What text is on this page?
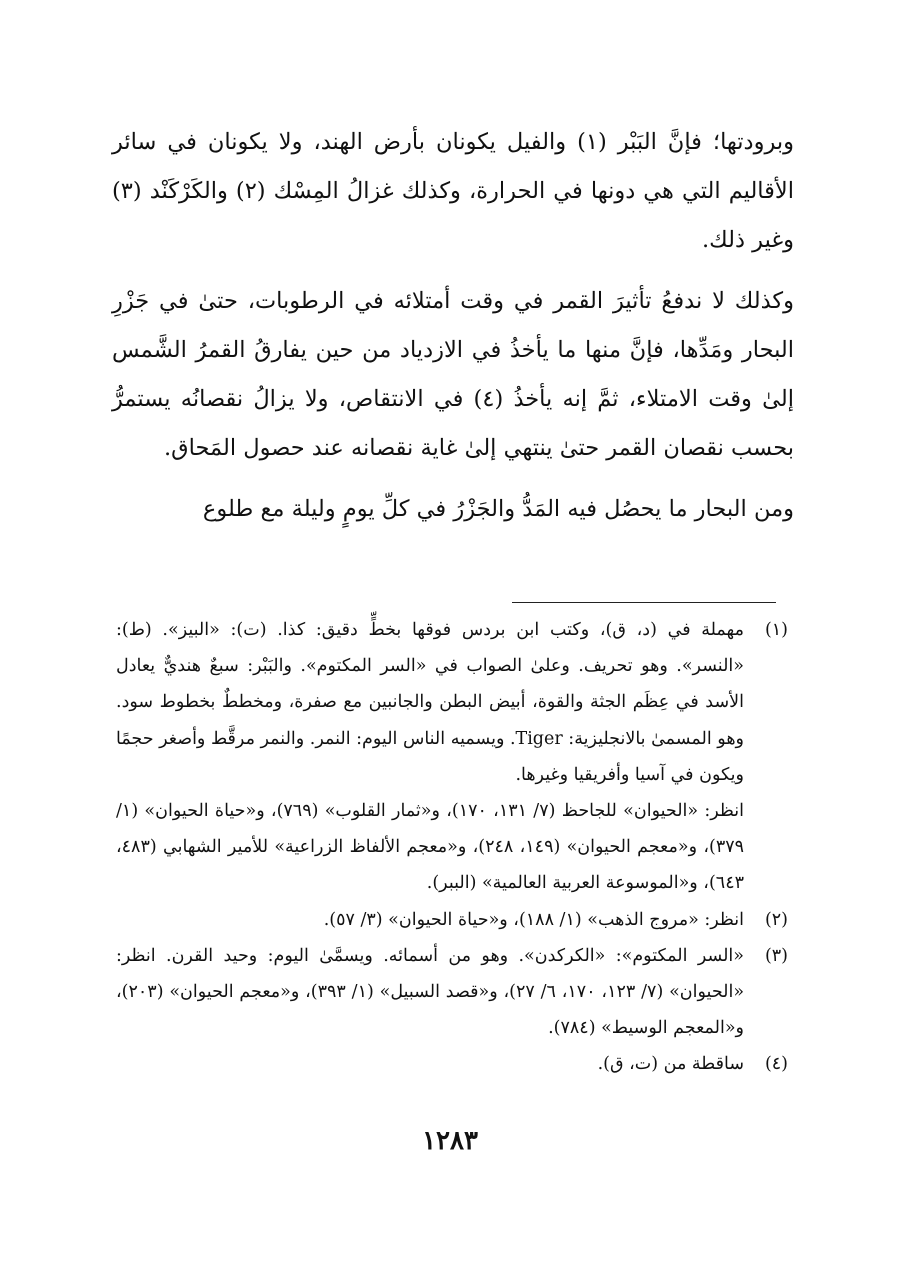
وبرودتها؛ فإنَّ البَبْر (١) والفيل يكونان بأرض الهند، ولا يكونان في سائر الأقاليم التي هي دونها في الحرارة، وكذلك غزالُ المِسْك (٢) والكَرْكَنْد (٣) وغير ذلك.

وكذلك لا ندفعُ تأثيرَ القمر في وقت أمتلائه في الرطوبات، حتىٰ في جَزْرِ البحار ومَدِّها، فإنَّ منها ما يأخذُ في الازدياد من حين يفارقُ القمرُ الشَّمس إلىٰ وقت الامتلاء، ثمَّ إنه يأخذُ (٤) في الانتقاص، ولا يزالُ نقصانُه يستمرُّ بحسب نقصان القمر حتىٰ ينتهي إلىٰ غاية نقصانه عند حصول المَحاق.

ومن البحار ما يحصُل فيه المَدُّ والجَزْرُ في كلِّ يومٍ وليلة مع طلوع

(١)
مهملة في (د، ق)، وكتب ابن بردس فوقها بخطٍّ دقيق: كذا. (ت): «البيز». (ط): «النسر». وهو تحريف. وعلىٰ الصواب في «السر المكتوم». والبَبْر: سبعٌ هنديٌّ يعادل الأسد في عِظَم الجثة والقوة، أبيض البطن والجانبين مع صفرة، ومخططٌ بخطوط سود. وهو المسمىٰ بالانجليزية: Tiger. ويسميه الناس اليوم: النمر. والنمر مرقَّط وأصغر حجمًا ويكون في آسيا وأفريقيا وغيرها.
انظر: «الحيوان» للجاحظ (٧/ ١٣١، ١٧٠)، و«ثمار القلوب» (٧٦٩)، و«حياة الحيوان» (١/ ٣٧٩)، و«معجم الحيوان» (١٤٩، ٢٤٨)، و«معجم الألفاظ الزراعية» للأمير الشهابي (٤٨٣، ٦٤٣)، و«الموسوعة العربية العالمية» (الببر).
(٢)
انظر: «مروج الذهب» (١/ ١٨٨)، و«حياة الحيوان» (٣/ ٥٧).
(٣)
«السر المكتوم»: «الكركدن». وهو من أسمائه. ويسمَّىٰ اليوم: وحيد القرن. انظر: «الحيوان» (٧/ ١٢٣، ١٧٠، ٦/ ٢٧)، و«قصد السبيل» (١/ ٣٩٣)، و«معجم الحيوان» (٢٠٣)، و«المعجم الوسيط» (٧٨٤).
(٤)
ساقطة من (ت، ق).
١٢٨٣
